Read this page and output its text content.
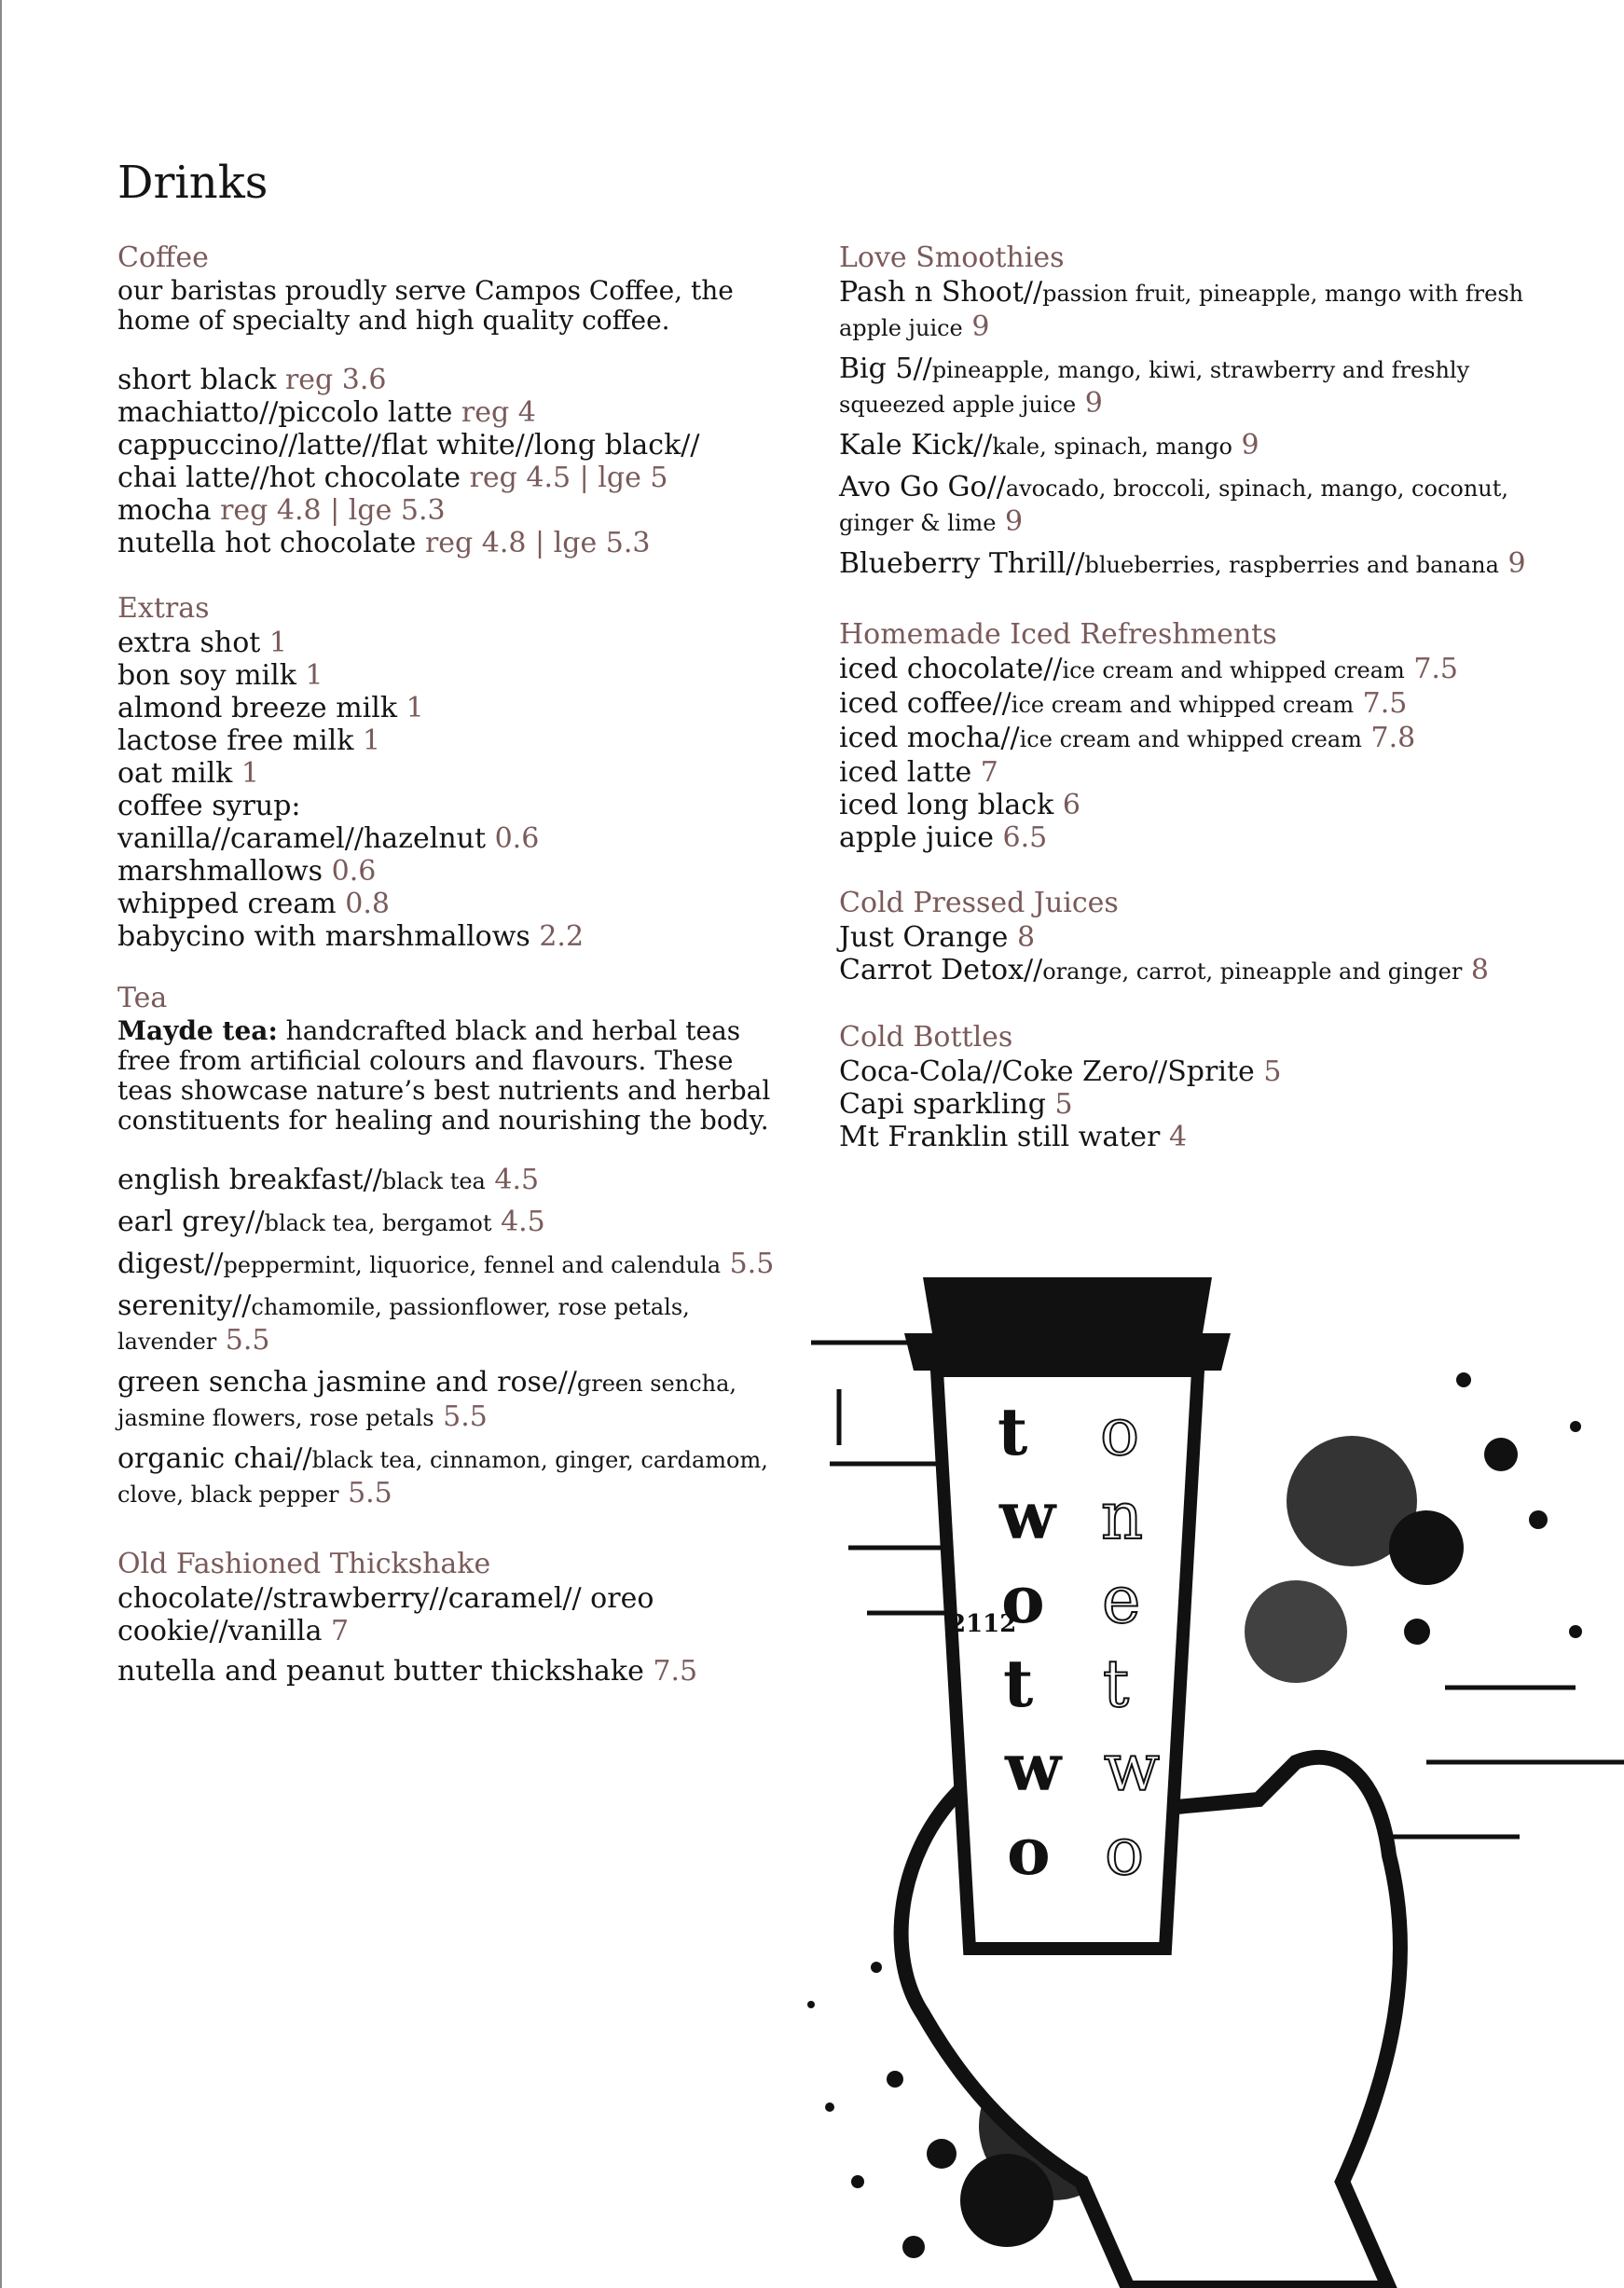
Drinks
Coffee
our baristas proudly serve Campos Coffee, the home of specialty and high quality coffee.
short black reg 3.6
machiatto//piccolo latte reg 4
cappuccino//latte//flat white//long black//
chai latte//hot chocolate reg 4.5 | lge 5
mocha reg 4.8 | lge 5.3
nutella hot chocolate reg 4.8 | lge 5.3
Extras
extra shot 1
bon soy milk 1
almond breeze milk 1
lactose free milk 1
oat milk 1
coffee syrup:
vanilla//caramel//hazelnut 0.6
marshmallows 0.6
whipped cream 0.8
babycino with marshmallows 2.2
Tea
Mayde tea: handcrafted black and herbal teas free from artificial colours and flavours. These teas showcase nature’s best nutrients and herbal constituents for healing and nourishing the body.
english breakfast//black tea 4.5
earl grey//black tea, bergamot 4.5
digest//peppermint, liquorice, fennel and calendula 5.5
serenity//chamomile, passionflower, rose petals, lavender 5.5
green sencha jasmine and rose//green sencha, jasmine flowers, rose petals 5.5
organic chai//black tea, cinnamon, ginger, cardamom, clove, black pepper 5.5
Old Fashioned Thickshake
chocolate//strawberry//caramel// oreo cookie//vanilla 7
nutella and peanut butter thickshake 7.5
Love Smoothies
Pash n Shoot//passion fruit, pineapple, mango with fresh apple juice 9
Big 5//pineapple, mango, kiwi, strawberry and freshly squeezed apple juice 9
Kale Kick//kale, spinach, mango 9
Avo Go Go//avocado, broccoli, spinach, mango, coconut, ginger & lime 9
Blueberry Thrill//blueberries, raspberries and banana 9
Homemade Iced Refreshments
iced chocolate//ice cream and whipped cream 7.5
iced coffee//ice cream and whipped cream 7.5
iced mocha//ice cream and whipped cream 7.8
iced latte 7
iced long black 6
apple juice 6.5
Cold Pressed Juices
Just Orange 8
Carrot Detox//orange, carrot, pineapple and ginger 8
Cold Bottles
Coca-Cola//Coke Zero//Sprite 5
Capi sparkling 5
Mt Franklin still water 4
2112
t
w
o
t
w
o
o
n
e
t
w
o
